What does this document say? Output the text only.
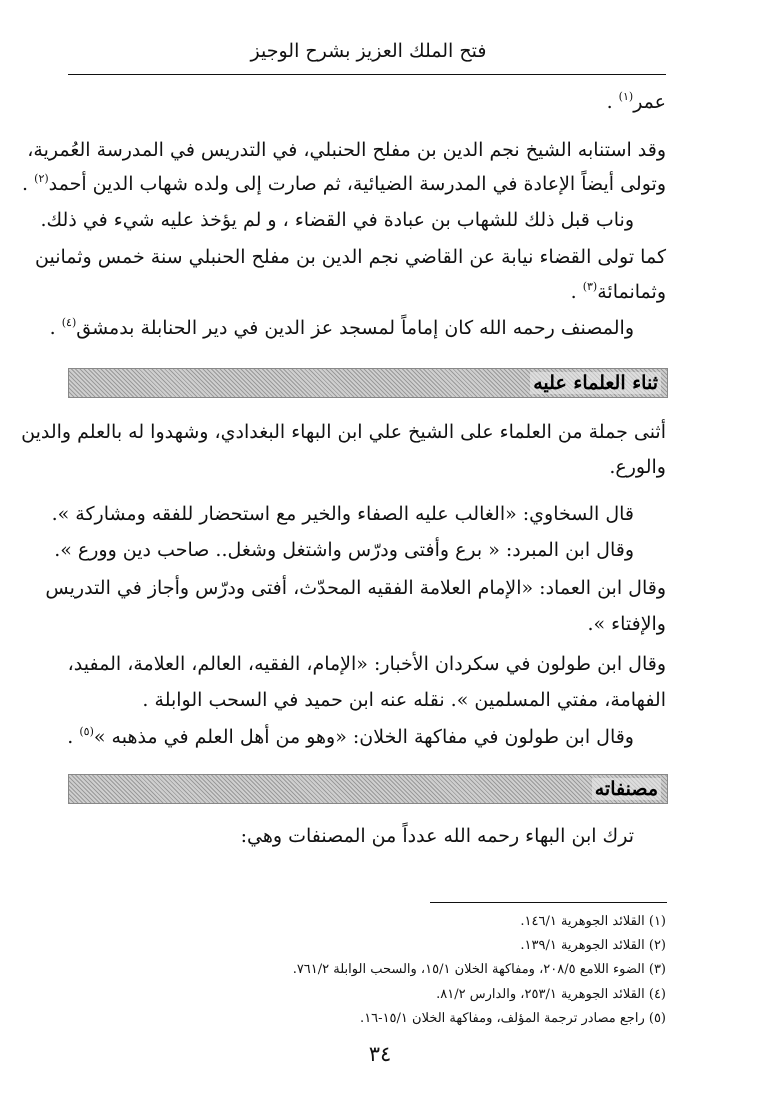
فتح الملك العزيز بشرح الوجيز
عمر$^{(١)}$ .
وقد استنابه الشيخ نجم الدين بن مفلح الحنبلي، في التدريس في المدرسة العُمرية،
وتولى أيضاً الإعادة في المدرسة الضيائية، ثم صارت إلى ولده شهاب الدين أحمد$^{(٢)}$ .
وناب قبل ذلك للشهاب بن عبادة في القضاء ، و لم يؤخذ عليه شيء في ذلك.
كما تولى القضاء نيابة عن القاضي نجم الدين بن مفلح الحنبلي سنة خمس وثمانين
وثمانمائة$^{(٣)}$ .
والمصنف رحمه الله كان إماماً لمسجد عز الدين في دير الحنابلة بدمشق$^{(٤)}$ .
ثناء العلماء عليه
أثنى جملة من العلماء على الشيخ علي ابن البهاء البغدادي، وشهدوا له بالعلم والدين
والورع.
قال السخاوي: «الغالب عليه الصفاء والخير مع استحضار للفقه ومشاركة ».
وقال ابن المبرد: « برع وأفتى ودرّس واشتغل وشغل.. صاحب دين وورع ».
وقال ابن العماد: «الإمام العلامة الفقيه المحدّث، أفتى ودرّس وأجاز في التدريس
والإفتاء ».
وقال ابن طولون في سكردان الأخبار: «الإمام، الفقيه، العالم، العلامة، المفيد،
الفهامة، مفتي المسلمين ». نقله عنه ابن حميد في السحب الوابلة .
وقال ابن طولون في مفاكهة الخلان: «وهو من أهل العلم في مذهبه »$^{(٥)}$ .
مصنفاته
ترك ابن البهاء رحمه الله عدداً من المصنفات وهي:
(١) القلائد الجوهرية ١٤٦/١.
(٢) القلائد الجوهرية ١٣٩/١.
(٣) الضوء اللامع ٢٠٨/٥، ومفاكهة الخلان ١٥/١، والسحب الوابلة ٧٦١/٢.
(٤) القلائد الجوهرية ٢٥٣/١، والدارس ٨١/٢.
(٥) راجع مصادر ترجمة المؤلف، ومفاكهة الخلان ١٥/١-١٦.
٣٤
